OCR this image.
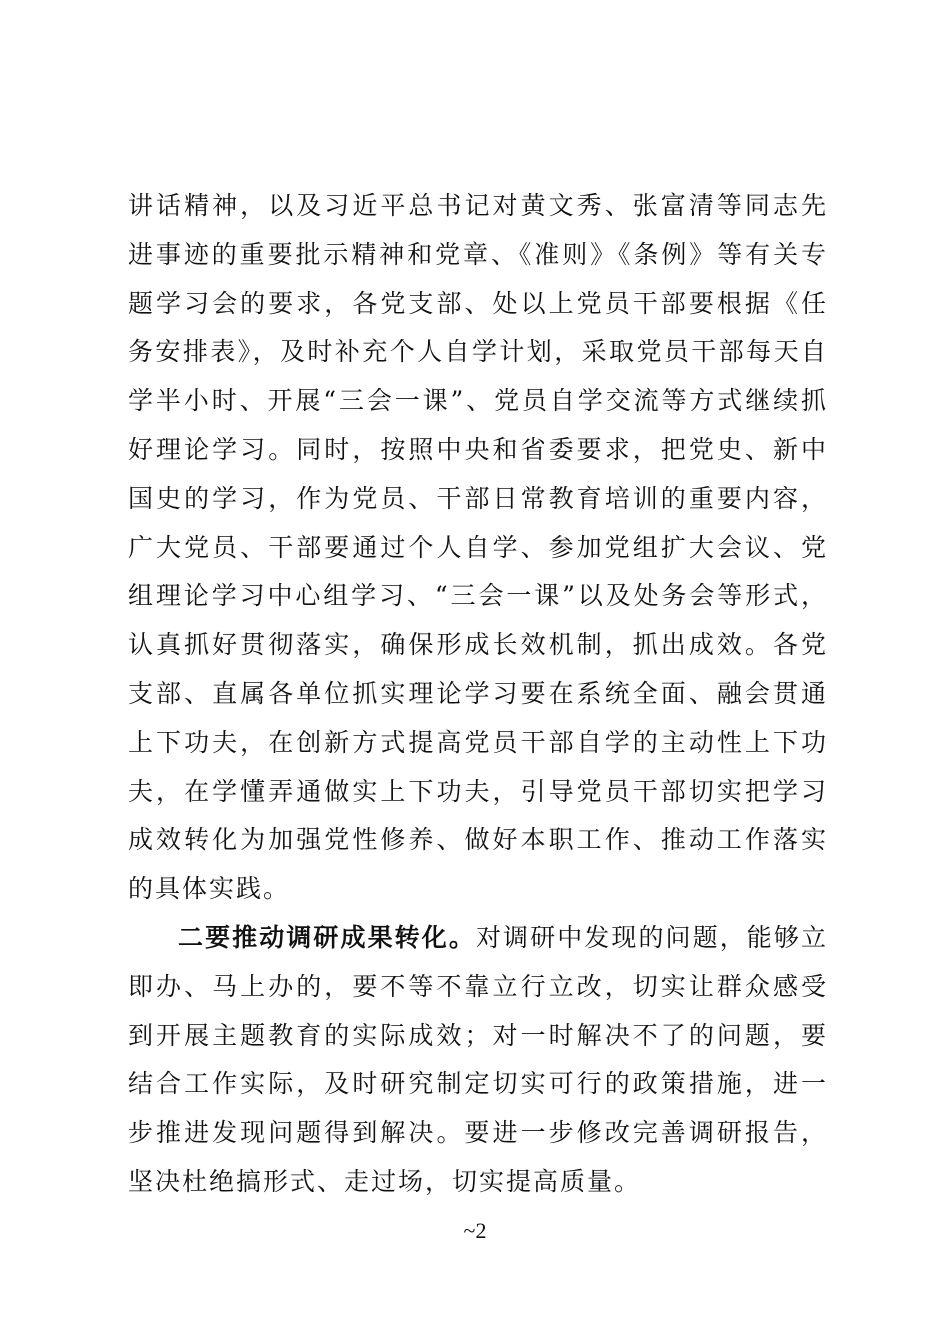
讲话精神，以及习近平总书记对黄文秀、张富清等同志先进事迹的重要批示精神和党章、《准则》《条例》等有关专题学习会的要求，各党支部、处以上党员干部要根据《任务安排表》，及时补充个人自学计划，采取党员干部每天自学半小时、开展“三会一课”、党员自学交流等方式继续抓好理论学习。同时，按照中央和省委要求，把党史、新中国史的学习，作为党员、干部日常教育培训的重要内容，广大党员、干部要通过个人自学、参加党组扩大会议、党组理论学习中心组学习、“三会一课”以及处务会等形式，认真抓好贯彻落实，确保形成长效机制，抓出成效。各党支部、直属各单位抓实理论学习要在系统全面、融会贯通上下功夫，在创新方式提高党员干部自学的主动性上下功夫，在学懂弄通做实上下功夫，引导党员干部切实把学习成效转化为加强党性修养、做好本职工作、推动工作落实的具体实践。

二要推动调研成果转化。对调研中发现的问题，能够立即办、马上办的，要不等不靠立行立改，切实让群众感受到开展主题教育的实际成效；对一时解决不了的问题，要结合工作实际，及时研究制定切实可行的政策措施，进一步推进发现问题得到解决。要进一步修改完善调研报告，坚决杜绝搞形式、走过场，切实提高质量。

~2
